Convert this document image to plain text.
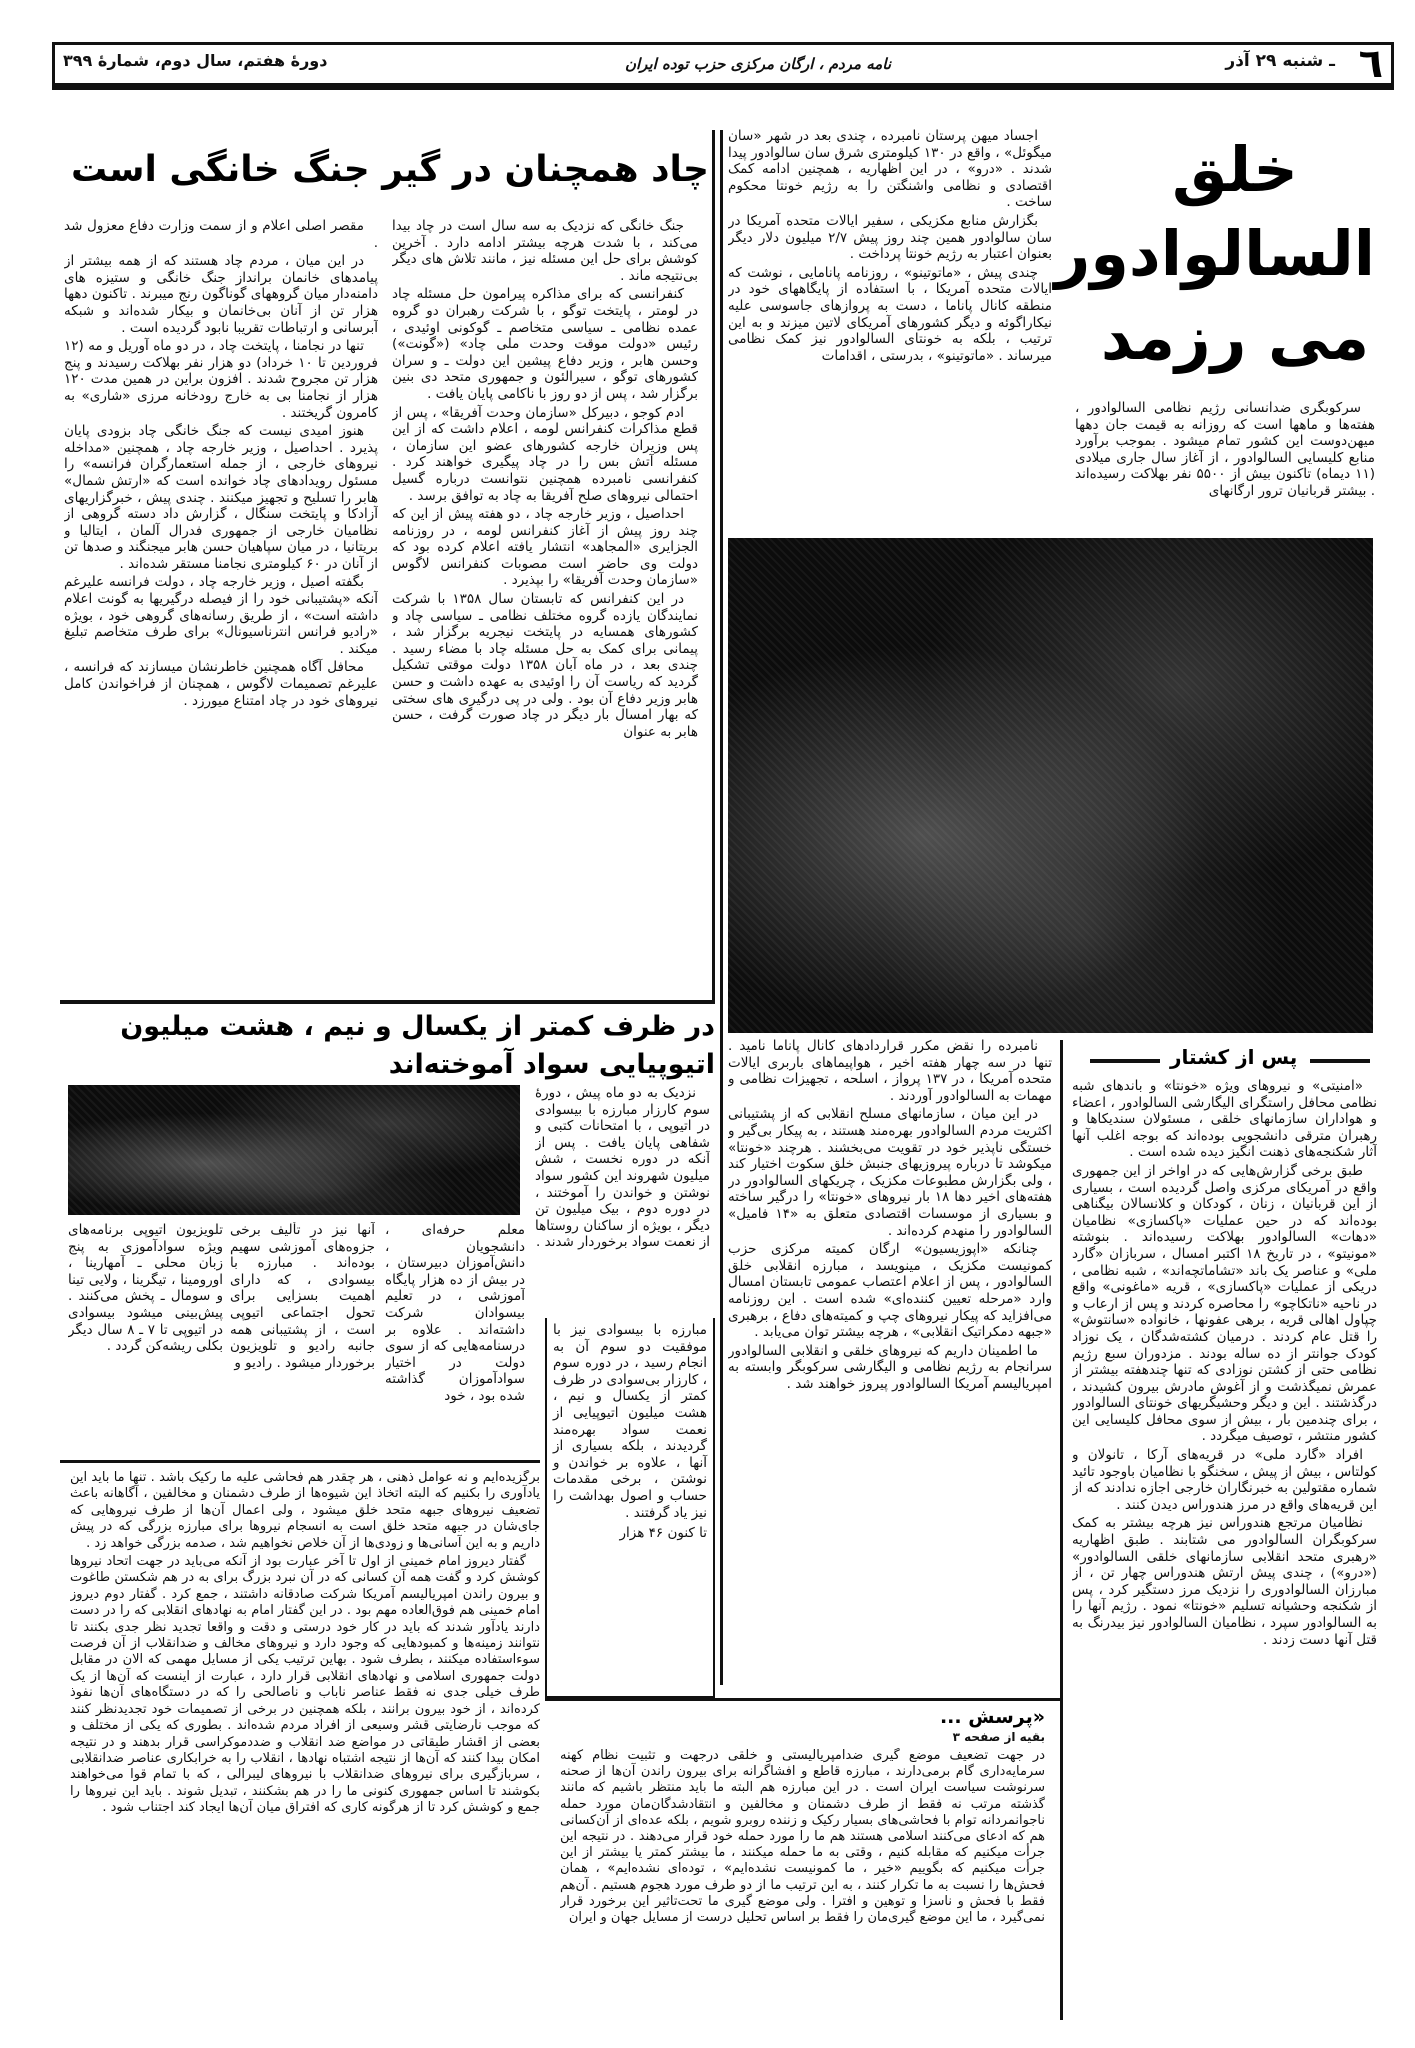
٦
ـ شنبه ۲۹ آذر
نامه مردم ، ارگان مرکزی حزب توده ایران
دورهٔ هفتم، سال دوم، شمارهٔ ۳۹۹
چاد همچنان در گیر جنگ خانگی است

جنگ خانگی که نزدیک به سه سال است در چاد بیدا می‌کند ، با شدت هرچه بیشتر ادامه دارد . آخرین کوشش برای حل این مسئله نیز ، مانند تلاش های دیگر بی‌نتیجه ماند .

کنفرانسی که برای مذاکره پیرامون حل مسئله چاد در لومتر ، پایتخت توگو ، با شرکت رهبران دو گروه عمده نظامی ـ سیاسی متخاصم ـ گوکونی اوئیدی ، رئیس «دولت موقت وحدت ملی چاد» («گونت») وحسن هابر ، وزیر دفاع پیشین این دولت ـ و سران کشورهای توگو ، سیرالئون و جمهوری متحد دی بنین برگزار شد ، پس از دو روز با ناکامی پایان یافت .

ادم کوجو ، دبیرکل «سازمان وحدت آفریقا» ، پس از قطع مذاکرات کنفرانس لومه ، اعلام داشت که از این پس وزیران خارجه کشورهای عضو این سازمان ، مسئله آتش بس را در چاد پیگیری خواهند کرد . کنفرانسی نامبرده همچنین نتوانست درباره گسیل احتمالی نیروهای صلح آفریقا به چاد به توافق برسد .

احداصیل ، وزیر خارجه چاد ، دو هفته پیش از این که چند روز پیش از آغاز کنفرانس لومه ، در روزنامه الجزایری «المجاهد» انتشار یافته اعلام کرده بود که دولت وی حاضر است مصوبات کنفرانس لاگوس «سازمان وحدت آفریقا» را بپذیرد .

در این کنفرانس که تابستان سال ۱۳۵۸ با شرکت نمایندگان یازده گروه مختلف نظامی ـ سیاسی چاد و کشورهای همسایه در پایتخت نیجریه برگزار شد ، پیمانی برای کمک به حل مسئله چاد با مضاء رسید . چندی بعد ، در ماه آبان ۱۳۵۸ دولت موقتی تشکیل گردید که ریاست آن را اوئیدی به عهده داشت و حسن هابر وزیر دفاع آن بود . ولی در پی درگیری های سختی که بهار امسال بار دیگر در چاد صورت گرفت ، حسن هابر به عنوان

مقصر اصلی اعلام و از سمت وزارت دفاع معزول شد .

در این میان ، مردم چاد هستند که از همه بیشتر از پیامدهای خانمان برانداز جنگ خانگی و ستیزه های دامنه‌دار میان گروههای گوناگون رنج میبرند . تاکنون دهها هزار تن از آنان بی‌خانمان و بیکار شده‌اند و شبکه آبرسانی و ارتباطات تقریبا نابود گردیده است .

تنها در نجامنا ، پایتخت چاد ، در دو ماه آوریل و مه (۱۲ فروردین تا ۱۰ خرداد) دو هزار نفر بهلاکت رسیدند و پنج هزار تن مجروح شدند . افزون براین در همین مدت ۱۲۰ هزار از نجامنا بی به خارج رودخانه مرزی «شاری» به کامرون گریختند .

هنوز امیدی نیست که جنگ خانگی چاد بزودی پایان پذیرد . احداصیل ، وزیر خارجه چاد ، همچنین «مداخله نیروهای خارجی ، از جمله استعمارگران فرانسه» را مسئول رویدادهای چاد خوانده است که «ارتش شمال» هابر را تسلیح و تجهیز میکنند . چندی پیش ، خبرگزاریهای آزادکا و پایتخت سنگال ، گزارش داد دسته گروهی از نظامیان خارجی از جمهوری فدرال آلمان ، ایتالیا و بریتانیا ، در میان سپاهیان حسن هابر میجنگند و صدها تن از آنان در ۶۰ کیلومتری نجامنا مستقر شده‌اند .

بگفته اصیل ، وزیر خارجه چاد ، دولت فرانسه علیرغم آنکه «پشتیبانی خود را از فیصله درگیریها به گونت اعلام داشته است» ، از طریق رسانه‌های گروهی خود ، بویژه «رادیو فرانس انترناسیونال» برای طرف متخاصم تبلیغ میکند .

محافل آگاه همچنین خاطرنشان میسازند که فرانسه ، علیرغم تصمیمات لاگوس ، همچنان از فراخواندن کامل نیروهای خود در چاد امتناع میورزد .

خلق
السالوادور
می رزمد
سرکوبگری ضدانسانی رژیم نظامی السالوادور ، هفته‌ها و ماهها است که روزانه به قیمت جان دهها میهن‌دوست این کشور تمام میشود . بموجب برآورد منابع کلیسایی السالوادور ، از آغاز سال جاری میلادی (۱۱ دیماه) تاکنون بیش از ۵۵۰۰ نفر بهلاکت رسیده‌اند . بیشتر قربانیان ترور ارگانهای

اجساد میهن پرستان نامبرده ، چندی بعد در شهر «سان میگوئل» ، واقع در ۱۳۰ کیلومتری شرق سان سالوادور پیدا شدند . «درو» ، در این اظهاریه ، همچنین ادامه کمک اقتصادی و نظامی واشنگتن را به رژیم خونتا محکوم ساخت .

بگزارش منابع مکزیکی ، سفیر ایالات متحده آمریکا در سان سالوادور همین چند روز پیش ۲/۷ میلیون دلار دیگر بعنوان اعتبار به رژیم خونتا پرداخت .

چندی پیش ، «ماتوتینو» ، روزنامه پانامایی ، نوشت که ایالات متحده آمریکا ، با استفاده از پایگاههای خود در منطقه کانال پاناما ، دست به پروازهای جاسوسی علیه نیکاراگوئه و دیگر کشورهای آمریکای لاتین میزند و به این ترتیب ، بلکه به خونتای السالوادور نیز کمک نظامی میرساند . «ماتوتینو» ، بدرستی ، اقدامات

نامبرده را نقض مکرر قراردادهای کانال پاناما نامید . تنها در سه چهار هفته اخیر ، هواپیماهای باربری ایالات متحده آمریکا ، در ۱۳۷ پرواز ، اسلحه ، تجهیزات نظامی و مهمات به السالوادور آوردند .

در این میان ، سازمانهای مسلح انقلابی که از پشتیبانی اکثریت مردم السالوادور بهره‌مند هستند ، به پیکار بی‌گیر و خستگی ناپذیر خود در تقویت می‌بخشند . هرچند «خونتا» میکوشد تا درباره پیروزیهای جنبش خلق سکوت اختیار کند ، ولی بگزارش مطبوعات مکزیک ، چریکهای السالوادور در هفته‌های اخیر دها ۱۸ بار نیروهای «خونتا» را درگیر ساخته و بسیاری از موسسات اقتصادی متعلق به «۱۴ فامیل» السالوادور را منهدم کرده‌اند .

چنانکه «اپوزیسیون» ارگان کمیته مرکزی حزب کمونیست مکزیک ، مینویسد ، مبارزه انقلابی خلق السالوادور ، پس از اعلام اعتصاب عمومی تابستان امسال وارد «مرحله تعیین کننده‌ای» شده است . این روزنامه می‌افزاید که پیکار نیروهای چپ و کمیته‌های دفاع ، برهبری «جبهه دمکراتیک انقلابی» ، هرچه بیشتر توان می‌یابد .

ما اطمینان داریم که نیروهای خلقی و انقلابی السالوادور سرانجام به رژیم نظامی و الیگارشی سرکوبگر وابسته به امپریالیسم آمریکا السالوادور پیروز خواهند شد .

پس از کشتار

«امنیتی» و نیروهای ویژه «خونتا» و باندهای شبه نظامی محافل راستگرای الیگارشی السالوادور ، اعضاء و هواداران سازمانهای خلقی ، مسئولان سندیکاها و رهبران مترقی دانشجویی بوده‌اند که بوجه اغلب آنها آثار شکنجه‌های ذهنت انگیز دیده شده است .

طبق برخی گزارش‌هایی که در اواخر از این جمهوری واقع در آمریکای مرکزی واصل گردیده است ، بسیاری از این قربانیان ، زنان ، کودکان و کلانسالان بیگناهی بوده‌اند که در حین عملیات «پاکسازی» نظامیان «دهات» السالوادور بهلاکت رسیده‌اند . بنوشته «مونیتو» ، در تاریخ ۱۸ اکتبر امسال ، سربازان «گارد ملی» و عناصر یک باند «تشاماتچه‌اند» ، شبه نظامی ، دریکی از عملیات «پاکسازی» ، قریه «ماغونی» واقع در ناحیه «ناتکاچو» را محاصره کردند و پس از ارعاب و چپاول اهالی قریه ، برهی عفونها ، خانواده «سانتوش» را قتل عام کردند . درمیان کشته‌شدگان ، یک نوزاد کودک جوانتر از ده ساله بودند . مزدوران سبع رژیم نظامی حتی از کشتن نوزادی که تنها چندهفته بیشتر از عمرش نمیگذشت و از آغوش مادرش بیرون کشیدند ، درگذشتند . این و دیگر وحشیگریهای خونتای السالوادور ، برای چندمین بار ، بیش از سوی محافل کلیسایی این کشور منتشر ، توصیف میگردد .

افراد «گارد ملی» در قریه‌های آرکا ، تانولان و کولتاس ، بیش از پیش ، سخنگو با نظامیان باوجود تائید شماره مقتولین به خبرنگاران خارجی اجازه ندادند که از این قریه‌های واقع در مرز هندوراس دیدن کنند .

نظامیان مرتجع هندوراس نیز هرچه بیشتر به کمک سرکوبگران السالوادور می شتابند . طبق اظهاریه «رهبری متحد انقلابی سازمانهای خلقی السالوادور» («درو») ، چندی پیش ارتش هندوراس چهار تن ، از مبارزان السالوادوری را نزدیک مرز دستگیر کرد ، پس از شکنجه وحشیانه تسلیم «خونتا» نمود . رژیم آنها را به السالوادور سپرد ، نظامیان السالوادور نیز بیدرنگ به قتل آنها دست زدند .

در ظرف کمتر از یکسال و نیم ، هشت میلیون اتیوپیایی سواد آموخته‌اند
نزدیک به دو ماه پیش ، دورهٔ سوم کارزار مبارزه با بیسوادی در اتیوپی ، با امتحانات کتبی و شفاهی پایان یافت . پس از آنکه در دوره نخست ، شش میلیون شهروند این کشور سواد نوشتن و خواندن را آموختند ، در دوره دوم ، بیک میلیون تن دیگر ، بویژه از ساکنان روستاها از نعمت سواد برخوردار شدند .
معلم حرفه‌ای ، دانشجویان ، دانش‌آموزان دبیرستان ، در بیش از ده هزار پایگاه آموزشی ، در تعلیم بیسوادان شرکت داشته‌اند . علاوه بر درسنامه‌هایی که از سوی دولت در اختیار سوادآموزان گذاشته شده بود ، خود
آنها نیز در تألیف برخی جزوه‌های آموزشی سهیم بوده‌اند . مبارزه با بیسوادی ، که دارای اهمیت بسزایی برای تحول اجتماعی اتیوپی است ، از پشتیبانی همه جانبه رادیو و تلویزیون برخوردار میشود . رادیو و
تلویزیون اتیوپی برنامه‌های ویژه سوادآموزی به پنج زبان محلی ـ آمهارینا ، اورومینا ، تیگرینا ، ولایی تینا و سومال ـ پخش می‌کنند . پیش‌بینی میشود بیسوادی در اتیوپی تا ۷ ـ ۸ سال دیگر بکلی ریشه‌کن گردد .
مبارزه با بیسوادی نیز با موفقیت دو سوم آن به انجام رسید ، در دوره سوم ، کارزار بی‌سوادی در ظرف کمتر از یکسال و نیم ، هشت میلیون اتیوپیایی از نعمت سواد بهره‌مند گردیدند ، بلکه بسیاری از آنها ، علاوه بر خواندن و نوشتن ، برخی مقدمات حساب و اصول بهداشت را نیز یاد گرفتند .
تا کنون ۴۶ هزار

برگزیده‌ایم و نه عوامل ذهنی ، هر چقدر هم فحاشی علیه ما رکیک باشد . تنها ما باید این یادآوری را بکنیم که البته اتخاذ این شیوه‌ها از طرف دشمنان و مخالفین ، آگاهانه باعث تضعیف نیروهای جبهه متحد خلق میشود ، ولی اعمال آن‌ها از طرف نیروهایی که جای‌شان در جبهه متحد خلق است به انسجام نیروها برای مبارزه بزرگی که در پیش داریم و به این آسانی‌ها و زودی‌ها از آن خلاص نخواهیم شد ، صدمه بزرگی خواهد زد .

گفتار دیروز امام خمینی از اول تا آخر عبارت بود از آنکه می‌باید در جهت اتحاد نیروها کوشش کرد و گفت همه آن کسانی که در آن نبرد بزرگ برای به در هم شکستن طاغوت و بیرون راندن امپریالیسم آمریکا شرکت صادقانه داشتند ، جمع کرد . گفتار دوم دیروز امام خمینی هم فوق‌العاده مهم بود . در این گفتار امام به نهادهای انقلابی که را در دست دارند یادآور شدند که باید در کار خود درستی و دقت و واقعا تجدید نظر جدی بکنند تا نتوانند زمینه‌ها و کمبودهایی که وجود دارد و نیروهای مخالف و ضدانقلاب از آن فرصت سوءاستفاده میکنند ، بطرف شود . بهاین ترتیب یکی از مسایل مهمی که الان در مقابل دولت جمهوری اسلامی و نهادهای انقلابی قرار دارد ، عبارت از اینست که آن‌ها از یک طرف خیلی جدی نه فقط عناصر ناباب و ناصالحی را که در دستگاه‌های آن‌ها نفوذ کرده‌اند ، از خود بیرون برانند ، بلکه همچنین در برخی از تصمیمات خود تجدیدنظر کنند که موجب نارضایتی قشر وسیعی از افراد مردم شده‌اند . بطوری که یکی از مختلف و بعضی از اقشار طبقاتی در مواضع ضد انقلاب و ضددموکراسی قرار بدهند و در نتیجه امکان بیدا کنند که آن‌ها از نتیجه اشتباه نهادها ، انقلاب را به خرابکاری عناصر ضدانقلابی ، سربازگیری برای نیروهای ضدانقلاب با نیروهای لیبرالی ، که با تمام قوا می‌خواهند بکوشند تا اساس جمهوری کنونی ما را در هم بشکنند ، تبدیل شوند . باید این نیروها را جمع و کوشش کرد تا از هرگونه کاری که افتراق میان آن‌ها ایجاد کند اجتناب شود .

«پرسش ...
بقیه از صفحه ۳
در جهت تضعیف موضع گیری ضدامپریالیستی و خلقی درجهت و تثبیت نظام کهنه سرمایه‌داری گام برمی‌دارند ، مبارزه قاطع و افشاگرانه برای بیرون راندن آن‌ها از صحنه سرنوشت سیاست ایران است . در این مبارزه هم البته ما باید منتظر باشیم که مانند گذشته مرتب نه فقط از طرف دشمنان و مخالفین و انتقادشدگان‌مان مورد حمله ناجوانمردانه توام با فحاشی‌های بسیار رکیک و زننده روبرو شویم ، بلکه عده‌ای از آن‌کسانی هم که ادعای می‌کنند اسلامی هستند هم ما را مورد حمله خود قرار می‌دهند . در نتیجه این جرأت میکنیم که مقابله کنیم ، وقتی به ما حمله میکنند ، ما بیشتر کمتر یا بیشتر از این جرأت میکنیم که بگوییم «خیر ، ما کمونیست نشده‌ایم» ، توده‌ای نشده‌ایم» ، همان فحش‌ها را نسبت به ما تکرار کنند ، به این ترتیب ما از دو طرف مورد هجوم هستیم . آن‌هم فقط با فحش و ناسزا و توهین و افترا . ولی موضع گیری ما تحت‌تاثیر این برخورد قرار نمی‌گیرد ، ما این موضع گیری‌مان را فقط بر اساس تحلیل درست از مسایل جهان و ایران
